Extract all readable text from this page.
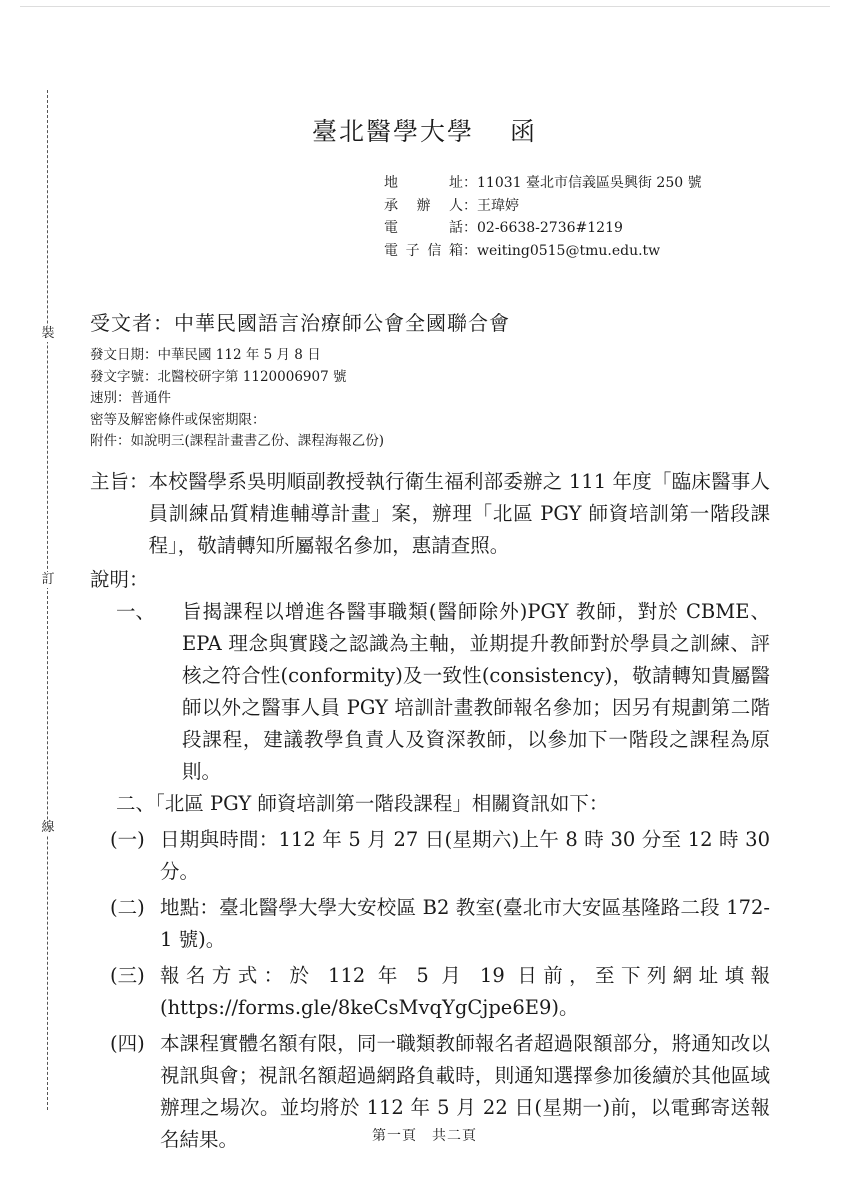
裝
訂
線
臺北醫學大學 函
地　址：11031 臺北市信義區吳興街 250 號
承辦人：王瑋婷
電　話：02-6638-2736#1219
電子信箱：weiting0515@tmu.edu.tw
受文者：中華民國語言治療師公會全國聯合會
發文日期：中華民國 112 年 5 月 8 日
發文字號：北醫校研字第 1120006907 號
速別：普通件
密等及解密條件或保密期限：
附件：如說明三(課程計畫書乙份、課程海報乙份)
主旨： 本校醫學系吳明順副教授執行衛生福利部委辦之 111 年度「臨床醫事人員訓練品質精進輔導計畫」案，辦理「北區 PGY 師資培訓第一階段課程」，敬請轉知所屬報名參加，惠請查照。
說明：
一、	旨揭課程以增進各醫事職類(醫師除外)PGY 教師，對於 CBME、EPA 理念與實踐之認識為主軸，並期提升教師對於學員之訓練、評核之符合性(conformity)及一致性(consistency)，敬請轉知貴屬醫師以外之醫事人員 PGY 培訓計畫教師報名參加；因另有規劃第二階段課程，建議教學負責人及資深教師，以參加下一階段之課程為原則。
二、「北區 PGY 師資培訓第一階段課程」相關資訊如下：
(一) 日期與時間：112 年 5 月 27 日(星期六)上午 8 時 30 分至 12 時 30 分。
(二) 地點：臺北醫學大學大安校區 B2 教室(臺北市大安區基隆路二段 172-1 號)。
(三) 報名方式：於 112 年 5 月 19 日前，至下列網址填報(https://forms.gle/8keCsMvqYgCjpe6E9)。
(四) 本課程實體名額有限，同一職類教師報名者超過限額部分，將通知改以視訊與會；視訊名額超過網路負載時，則通知選擇參加後續於其他區域辦理之場次。並均將於 112 年 5 月 22 日(星期一)前，以電郵寄送報名結果。	第一頁　共二頁
